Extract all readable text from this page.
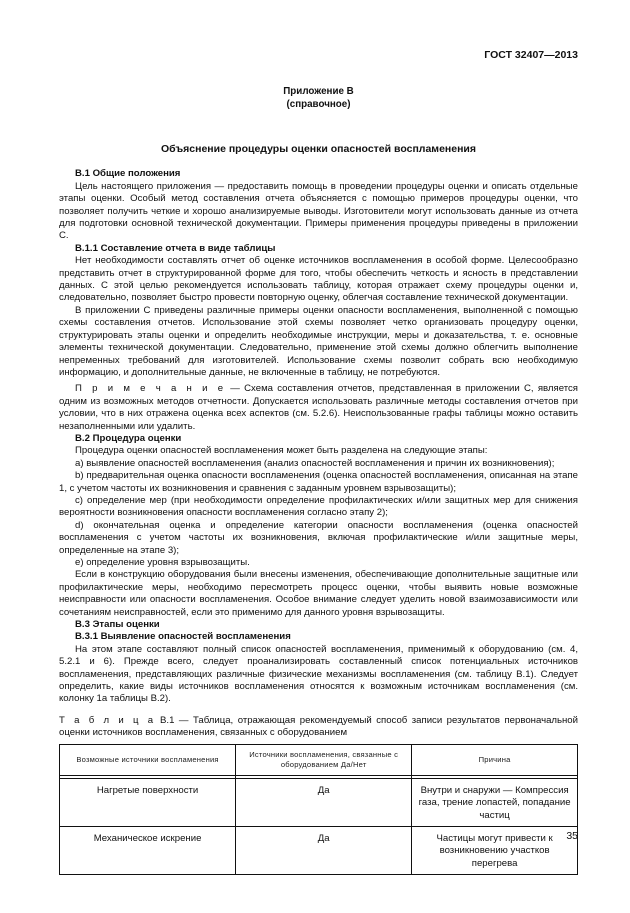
ГОСТ 32407—2013
Приложение В
(справочное)
Объяснение процедуры оценки опасностей воспламенения
В.1 Общие положения

Цель настоящего приложения — предоставить помощь в проведении процедуры оценки и описать отдельные этапы оценки. Особый метод составления отчета объясняется с помощью примеров процедуры оценки, что позволяет получить четкие и хорошо анализируемые выводы. Изготовители могут использовать данные из отчета для подготовки основной технической документации. Примеры применения процедуры приведены в приложении С.

В.1.1 Составление отчета в виде таблицы

Нет необходимости составлять отчет об оценке источников воспламенения в особой форме. Целесообразно представить отчет в структурированной форме для того, чтобы обеспечить четкость и ясность в представлении данных. С этой целью рекомендуется использовать таблицу, которая отражает схему процедуры оценки и, следовательно, позволяет быстро провести повторную оценку, облегчая составление технической документации.

В приложении С приведены различные примеры оценки опасности воспламенения, выполненной с помощью схемы составления отчетов. Использование этой схемы позволяет четко организовать процедуру оценки, структурировать этапы оценки и определить необходимые инструкции, меры и доказательства, т. е. основные элементы технической документации. Следовательно, применение этой схемы должно облегчить выполнение непременных требований для изготовителей. Использование схемы позволит собрать всю необходимую информацию, и дополнительные данные, не включенные в таблицу, не потребуются.

П р и м е ч а н и е — Схема составления отчетов, представленная в приложении С, является одним из возможных методов отчетности. Допускается использовать различные методы составления отчетов при условии, что в них отражена оценка всех аспектов (см. 5.2.6). Неиспользованные графы таблицы можно оставить незаполненными или удалить.

В.2 Процедура оценки

Процедура оценки опасностей воспламенения может быть разделена на следующие этапы:

а) выявление опасностей воспламенения (анализ опасностей воспламенения и причин их возникновения);

b) предварительная оценка опасности воспламенения (оценка опасностей воспламенения, описанная на этапе 1, с учетом частоты их возникновения и сравнения с заданным уровнем взрывозащиты);

с) определение мер (при необходимости определение профилактических и/или защитных мер для снижения вероятности возникновения опасности воспламенения согласно этапу 2);

d) окончательная оценка и определение категории опасности воспламенения (оценка опасностей воспламенения с учетом частоты их возникновения, включая профилактические и/или защитные меры, определенные на этапе 3);

е) определение уровня взрывозащиты.

Если в конструкцию оборудования были внесены изменения, обеспечивающие дополнительные защитные или профилактические меры, необходимо пересмотреть процесс оценки, чтобы выявить новые возможные неисправности или опасности воспламенения. Особое внимание следует уделить новой взаимозависимости или сочетаниям неисправностей, если это применимо для данного уровня взрывозащиты.

В.3 Этапы оценки
В.3.1 Выявление опасностей воспламенения

На этом этапе составляют полный список опасностей воспламенения, применимый к оборудованию (см. 4, 5.2.1 и 6). Прежде всего, следует проанализировать составленный список потенциальных источников воспламенения, представляющих различные физические механизмы воспламенения (см. таблицу В.1). Следует определить, какие виды источников воспламенения относятся к возможным источникам воспламенения (см. колонку 1а таблицы В.2).

Т а б л и ц а В.1 — Таблица, отражающая рекомендуемый способ записи результатов первоначальной оценки источников воспламенения, связанных с оборудованием
Возможные источники воспламенения	Источники воспламенения, связанные с оборудованием Да/Нет	Причина

Нагретые поверхности	Да	Внутри и снаружи — Компрессия газа, трение лопастей, попадание частиц
Механическое искрение	Да	Частицы могут привести к возникновению участков перегрева
35
